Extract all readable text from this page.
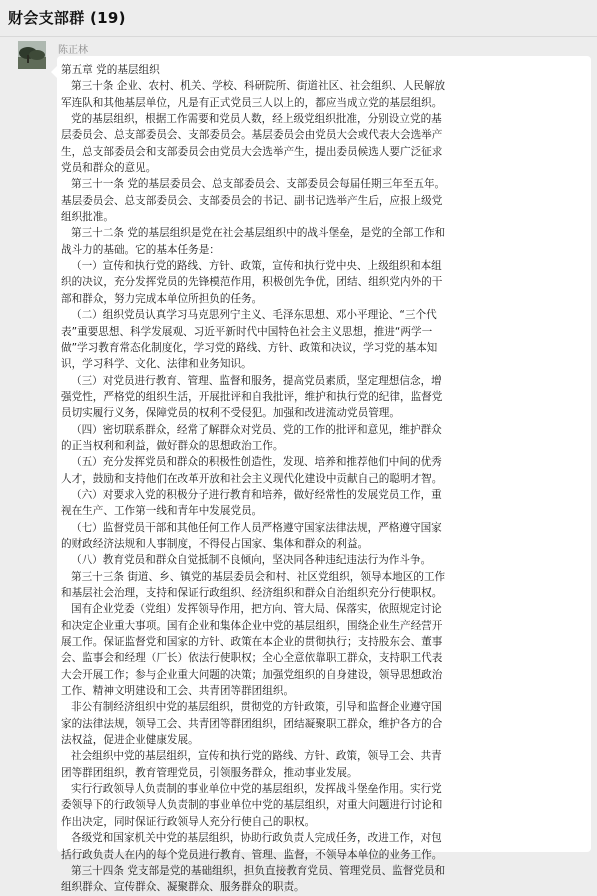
财会支部群 (19)
陈正林
第五章 党的基层组织
第三十条 企业、农村、机关、学校、科研院所、街道社区、社会组织、人民解放
军连队和其他基层单位，凡是有正式党员三人以上的，都应当成立党的基层组织。
党的基层组织，根据工作需要和党员人数，经上级党组织批准，分别设立党的基
层委员会、总支部委员会、支部委员会。基层委员会由党员大会或代表大会选举产
生，总支部委员会和支部委员会由党员大会选举产生，提出委员候选人要广泛征求
党员和群众的意见。
第三十一条 党的基层委员会、总支部委员会、支部委员会每届任期三年至五年。
基层委员会、总支部委员会、支部委员会的书记、副书记选举产生后，应报上级党
组织批准。
第三十二条 党的基层组织是党在社会基层组织中的战斗堡垒，是党的全部工作和
战斗力的基础。它的基本任务是：
（一）宣传和执行党的路线、方针、政策，宣传和执行党中央、上级组织和本组
织的决议，充分发挥党员的先锋模范作用，积极创先争优，团结、组织党内外的干
部和群众，努力完成本单位所担负的任务。
（二）组织党员认真学习马克思列宁主义、毛泽东思想、邓小平理论、“三个代
表”重要思想、科学发展观、习近平新时代中国特色社会主义思想，推进“两学一
做”学习教育常态化制度化，学习党的路线、方针、政策和决议，学习党的基本知
识，学习科学、文化、法律和业务知识。
（三）对党员进行教育、管理、监督和服务，提高党员素质，坚定理想信念，增
强党性，严格党的组织生活，开展批评和自我批评，维护和执行党的纪律，监督党
员切实履行义务，保障党员的权利不受侵犯。加强和改进流动党员管理。
（四）密切联系群众，经常了解群众对党员、党的工作的批评和意见，维护群众
的正当权利和利益，做好群众的思想政治工作。
（五）充分发挥党员和群众的积极性创造性，发现、培养和推荐他们中间的优秀
人才，鼓励和支持他们在改革开放和社会主义现代化建设中贡献自己的聪明才智。
（六）对要求入党的积极分子进行教育和培养，做好经常性的发展党员工作，重
视在生产、工作第一线和青年中发展党员。
（七）监督党员干部和其他任何工作人员严格遵守国家法律法规，严格遵守国家
的财政经济法规和人事制度，不得侵占国家、集体和群众的利益。
（八）教育党员和群众自觉抵制不良倾向，坚决同各种违纪违法行为作斗争。
第三十三条 街道、乡、镇党的基层委员会和村、社区党组织，领导本地区的工作
和基层社会治理，支持和保证行政组织、经济组织和群众自治组织充分行使职权。
国有企业党委（党组）发挥领导作用，把方向、管大局、保落实，依照规定讨论
和决定企业重大事项。国有企业和集体企业中党的基层组织，围绕企业生产经营开
展工作。保证监督党和国家的方针、政策在本企业的贯彻执行；支持股东会、董事
会、监事会和经理（厂长）依法行使职权；全心全意依靠职工群众，支持职工代表
大会开展工作；参与企业重大问题的决策；加强党组织的自身建设，领导思想政治
工作、精神文明建设和工会、共青团等群团组织。
非公有制经济组织中党的基层组织，贯彻党的方针政策，引导和监督企业遵守国
家的法律法规，领导工会、共青团等群团组织，团结凝聚职工群众，维护各方的合
法权益，促进企业健康发展。
社会组织中党的基层组织，宣传和执行党的路线、方针、政策，领导工会、共青
团等群团组织，教育管理党员，引领服务群众，推动事业发展。
实行行政领导人负责制的事业单位中党的基层组织，发挥战斗堡垒作用。实行党
委领导下的行政领导人负责制的事业单位中党的基层组织，对重大问题进行讨论和
作出决定，同时保证行政领导人充分行使自己的职权。
各级党和国家机关中党的基层组织，协助行政负责人完成任务，改进工作，对包
括行政负责人在内的每个党员进行教育、管理、监督，不领导本单位的业务工作。
第三十四条 党支部是党的基础组织，担负直接教育党员、管理党员、监督党员和
组织群众、宣传群众、凝聚群众、服务群众的职责。
